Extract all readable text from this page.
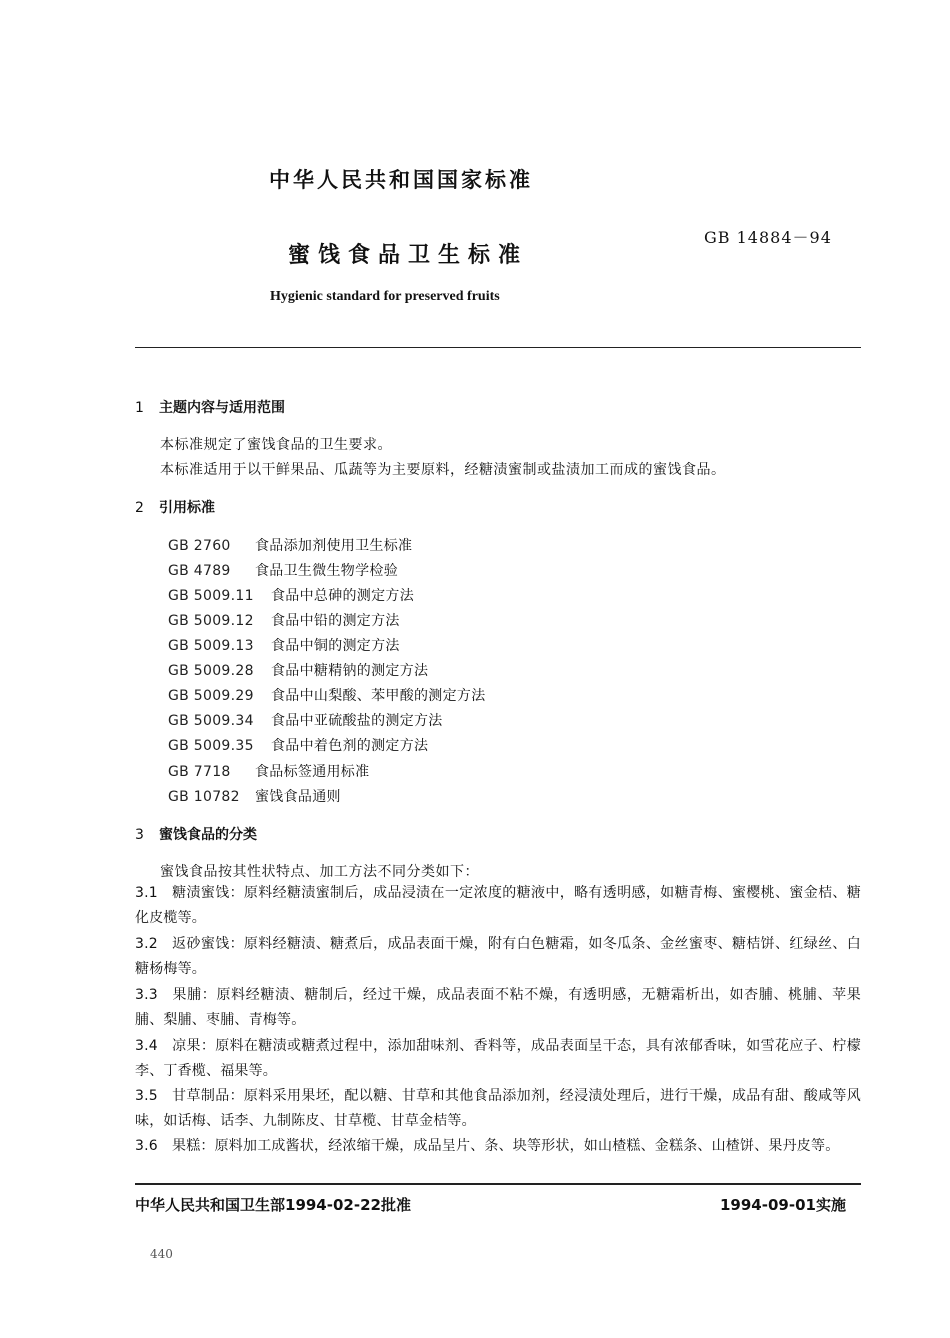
中华人民共和国国家标准
GB 14884－94
蜜饯食品卫生标准
Hygienic standard for preserved fruits
1 主题内容与适用范围
本标准规定了蜜饯食品的卫生要求。
本标准适用于以干鲜果品、瓜蔬等为主要原料，经糖渍蜜制或盐渍加工而成的蜜饯食品。
2 引用标准
GB 2760 食品添加剂使用卫生标准
GB 4789 食品卫生微生物学检验
GB 5009.11 食品中总砷的测定方法
GB 5009.12 食品中铅的测定方法
GB 5009.13 食品中铜的测定方法
GB 5009.28 食品中糖精钠的测定方法
GB 5009.29 食品中山梨酸、苯甲酸的测定方法
GB 5009.34 食品中亚硫酸盐的测定方法
GB 5009.35 食品中着色剂的测定方法
GB 7718 食品标签通用标准
GB 10782 蜜饯食品通则
3 蜜饯食品的分类
蜜饯食品按其性状特点、加工方法不同分类如下：
3.1 糖渍蜜饯：原料经糖渍蜜制后，成品浸渍在一定浓度的糖液中，略有透明感，如糖青梅、蜜樱桃、蜜金桔、糖化皮榄等。
3.2 返砂蜜饯：原料经糖渍、糖煮后，成品表面干燥，附有白色糖霜，如冬瓜条、金丝蜜枣、糖桔饼、红绿丝、白糖杨梅等。
3.3 果脯：原料经糖渍、糖制后，经过干燥，成品表面不粘不燥，有透明感，无糖霜析出，如杏脯、桃脯、苹果脯、梨脯、枣脯、青梅等。
3.4 凉果：原料在糖渍或糖煮过程中，添加甜味剂、香料等，成品表面呈干态，具有浓郁香味，如雪花应子、柠檬李、丁香榄、福果等。
3.5 甘草制品：原料采用果坯，配以糖、甘草和其他食品添加剂，经浸渍处理后，进行干燥，成品有甜、酸咸等风味，如话梅、话李、九制陈皮、甘草榄、甘草金桔等。
3.6 果糕：原料加工成酱状，经浓缩干燥，成品呈片、条、块等形状，如山楂糕、金糕条、山楂饼、果丹皮等。
中华人民共和国卫生部1994-02-22批准	1994-09-01实施
440
